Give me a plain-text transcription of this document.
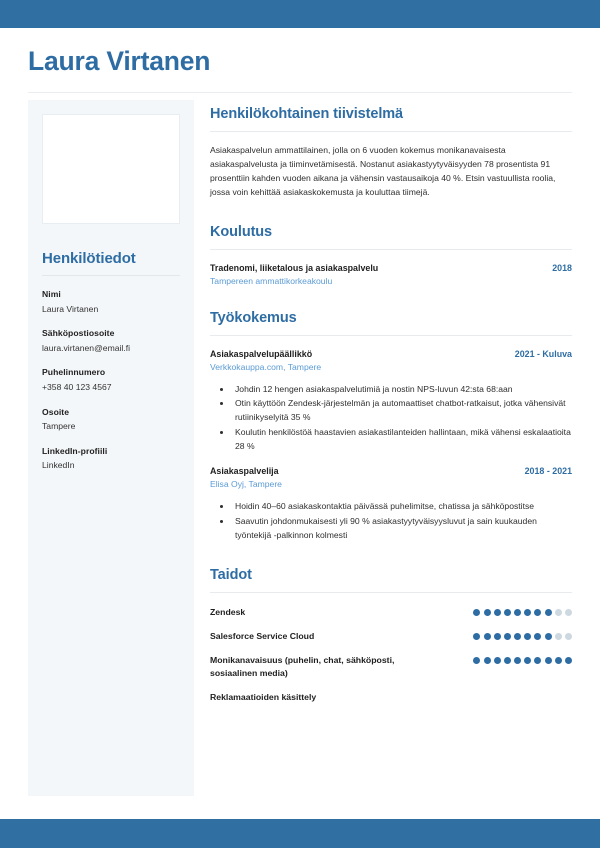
Laura Virtanen
Henkilötiedot
Nimi
Laura Virtanen
Sähköpostiosoite
laura.virtanen@email.fi
Puhelinnumero
+358 40 123 4567
Osoite
Tampere
LinkedIn-profiili
LinkedIn
Henkilökohtainen tiivistelmä

Asiakaspalvelun ammattilainen, jolla on 6 vuoden kokemus monikanavaisesta asiakaspalvelusta ja tiiminvetämisestä. Nostanut asiakastyytyväisyyden 78 prosentista 91 prosenttiin kahden vuoden aikana ja vähensin vastausaikoja 40 %. Etsin vastuullista roolia, jossa voin kehittää asiakaskokemusta ja kouluttaa tiimejä.

Koulutus
Tradenomi, liiketalous ja asiakaspalvelu	2018
Tampereen ammattikorkeakoulu
Työkokemus
Asiakaspalvelupäällikkö	2021 - Kuluva
Verkkokauppa.com, Tampere
• Johdin 12 hengen asiakaspalvelutimiä ja nostin NPS-luvun 42:sta 68:aan
• Otin käyttöön Zendesk-järjestelmän ja automaattiset chatbot-ratkaisut, jotka vähensivät rutiinikyselyitä 35 %
• Koulutin henkilöstöä haastavien asiakastilanteiden hallintaan, mikä vähensi eskalaatioita 28 %
Asiakaspalvelija	2018 - 2021
Elisa Oyj, Tampere
• Hoidin 40–60 asiakaskontaktia päivässä puhelimitse, chatissa ja sähköpostitse
• Saavutin johdonmukaisesti yli 90 % asiakastyytyväisyysluvut ja sain kuukauden työntekijä -palkinnon kolmesti
Taidot
Zendesk
Salesforce Service Cloud
Monikanavaisuus (puhelin, chat, sähköposti, sosiaalinen media)
Reklamaatioiden käsittely
